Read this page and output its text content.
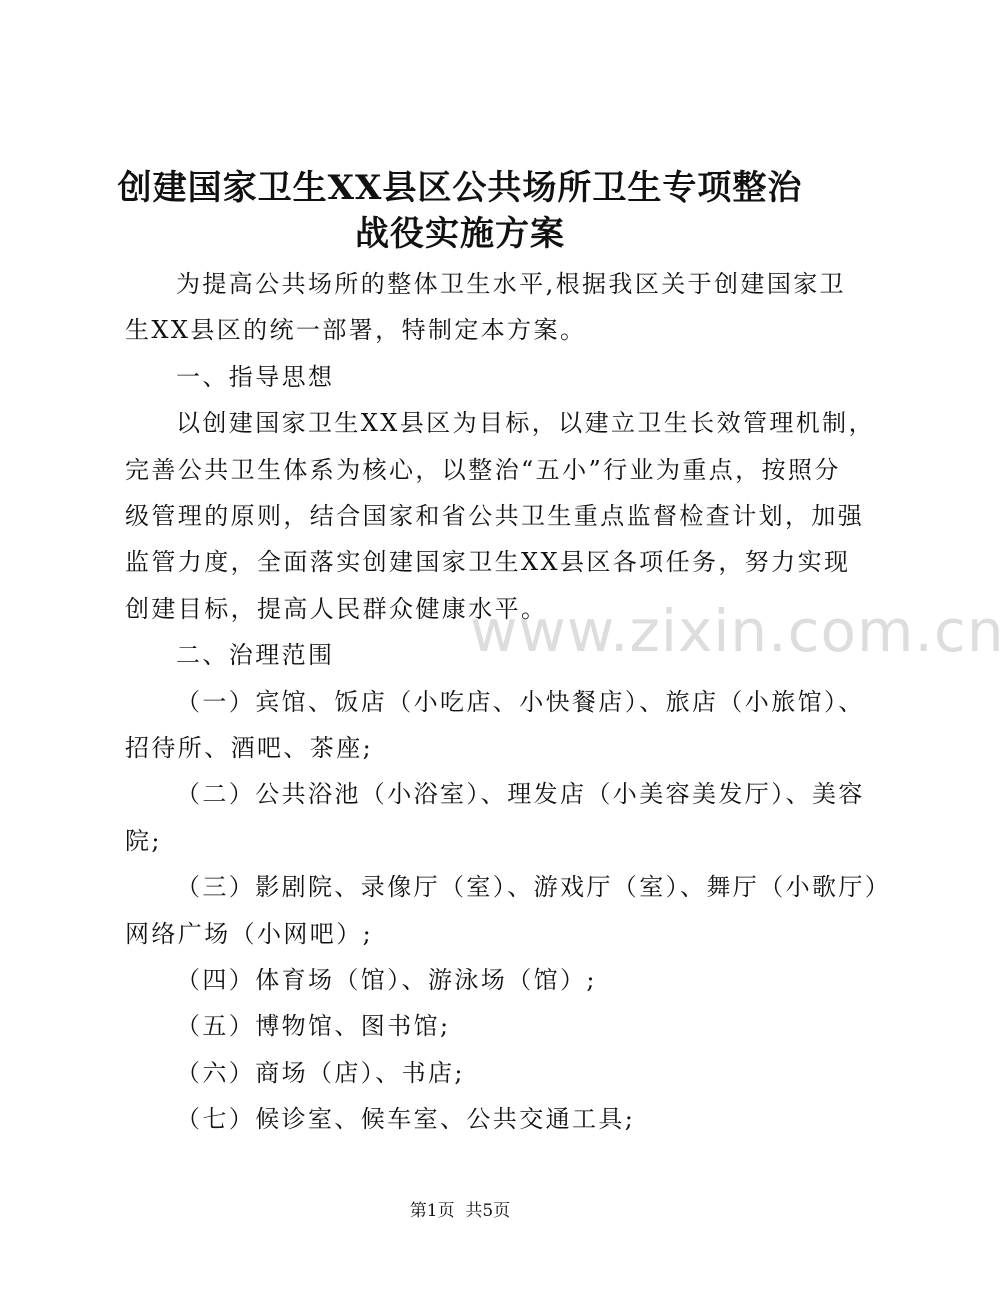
创建国家卫生XX县区公共场所卫生专项整治
战役实施方案
为提高公共场所的整体卫生水平,根据我区关于创建国家卫
生XX县区的统一部署，特制定本方案。
一、指导思想
以创建国家卫生XX县区为目标，以建立卫生长效管理机制，
完善公共卫生体系为核心，以整治“五小”行业为重点，按照分
级管理的原则，结合国家和省公共卫生重点监督检查计划，加强
监管力度，全面落实创建国家卫生XX县区各项任务，努力实现
创建目标，提高人民群众健康水平。
二、治理范围
（一）宾馆、饭店（小吃店、小快餐店）、旅店（小旅馆）、
招待所、酒吧、茶座;
（二）公共浴池（小浴室）、理发店（小美容美发厅）、美容
院;
（三）影剧院、录像厅（室）、游戏厅（室）、舞厅（小歌厅）
网络广场（小网吧）;
（四）体育场（馆）、游泳场（馆）;
（五）博物馆、图书馆;
（六）商场（店）、书店;
（七）候诊室、候车室、公共交通工具;
www.zixin.com.cn
第1页  共5页
